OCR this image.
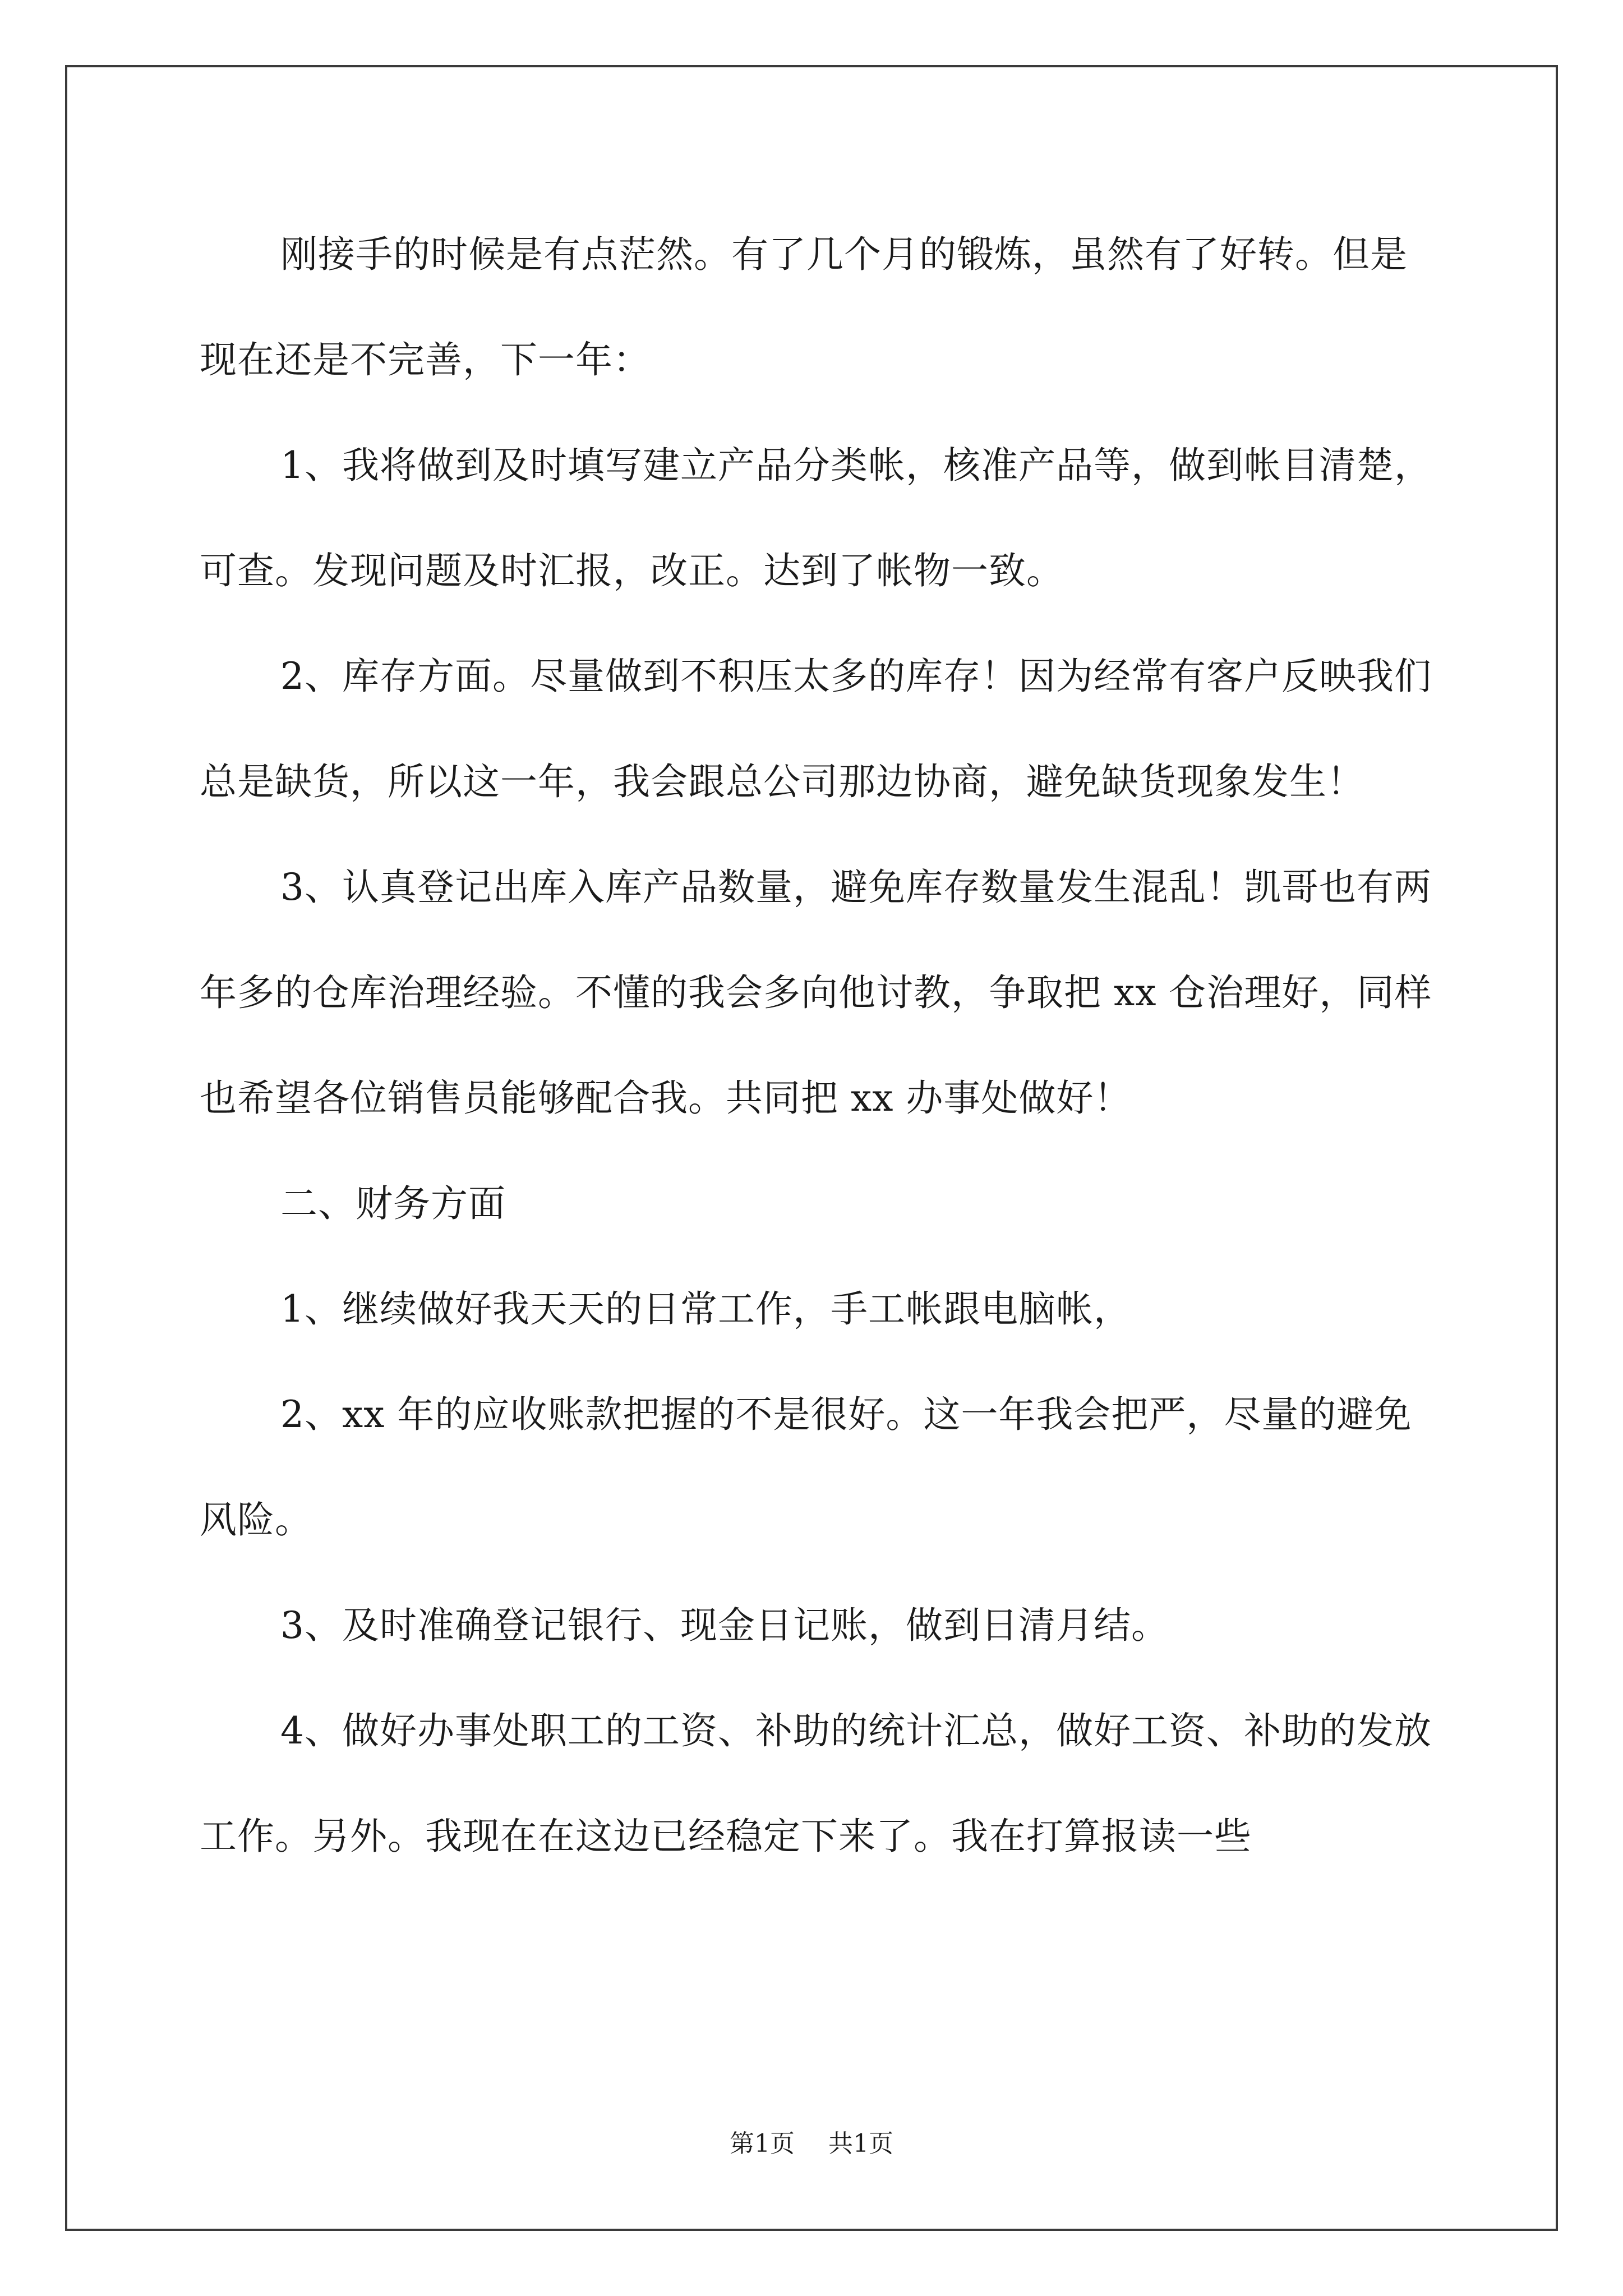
刚接手的时候是有点茫然。有了几个月的锻炼，虽然有了好转。但是现在还是不完善，下一年：

1、我将做到及时填写建立产品分类帐，核准产品等，做到帐目清楚，可查。发现问题及时汇报，改正。达到了帐物一致。

2、库存方面。尽量做到不积压太多的库存！因为经常有客户反映我们总是缺货，所以这一年，我会跟总公司那边协商，避免缺货现象发生！

3、认真登记出库入库产品数量，避免库存数量发生混乱！凯哥也有两年多的仓库治理经验。不懂的我会多向他讨教，争取把 xx 仓治理好，同样也希望各位销售员能够配合我。共同把 xx 办事处做好！

二、财务方面

1、继续做好我天天的日常工作，手工帐跟电脑帐，

2、xx 年的应收账款把握的不是很好。这一年我会把严，尽量的避免风险。

3、及时准确登记银行、现金日记账，做到日清月结。

4、做好办事处职工的工资、补助的统计汇总，做好工资、补助的发放工作。另外。我现在在这边已经稳定下来了。我在打算报读一些

第1页 共1页
